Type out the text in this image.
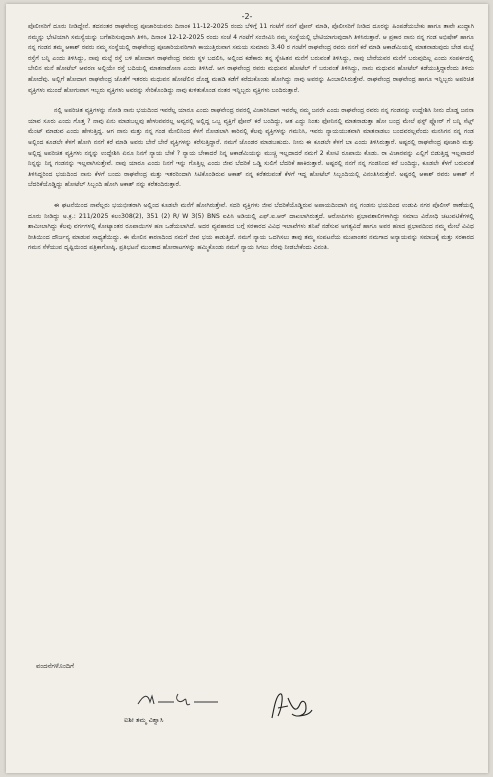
-2-

ಪೊಲೀಸರಿಗೆ ದೂರು ನೀಡಿದ್ದೇನೆ. ತದನಂತರ ರಾಘವೇಂದ್ರ ಪೂಜಾರಿಯವರು ದಿನಾಂಕ 11-12-2025 ರಂದು ಬೆಳಿಗ್ಗೆ 11 ಗಂಟೆಗೆ ನನಗೆ ಫೋನ್ ಮಾಡಿ, ಪೊಲೀಸರಿಗೆ ನೀಡಿದ ದೂರನ್ನು ಹಿಂಪಡೆಯಬೇಕು ಹಾಗೂ ತಾವೇ ಖುದ್ದಾಗಿ ನಮ್ಮನ್ನು ಭೇಟಿಯಾಗಿ ಸಮಸ್ಯೆಯನ್ನು ಬಗೆಹರಿಸುವುದಾಗಿ ತಿಳಿಸಿ, ದಿನಾಂಕ 12-12-2025 ರಂದು ಸಂಜೆ 4 ಗಂಟೆಗೆ ಸಂಜೀವಿನಿ ನಮ್ಮ ಸಂಸ್ಥೆಯಲ್ಲಿ ಭೇಟಿಯಾಗುವುದಾಗಿ ತಿಳಿಸಿರುತ್ತಾರೆ. ಆ ಪ್ರಕಾರ ನಾನು ನನ್ನ ಗಂಡ ಅಭಿಷೇಕ್ ಹಾಗೂ ನನ್ನ ಗಂಡನ ತಮ್ಮ ಆಕಾಶ್ ರವರು ನಮ್ಮ ಸಂಸ್ಥೆಯಲ್ಲಿ ರಾಘವೇಂದ್ರ ಪೂಜಾರಿಯವರಿಗಾಗಿ ಕಾಯುತ್ತಿರುವಾಗ ಸಮಯ ಸುಮಾರು 3.40 ರ ಗಂಟೆಗೆ ರಾಘವೇಂದ್ರ ರವರು ನನಗೆ ಕರೆ ಮಾಡಿ ಆಕಾಡೆಮಿಯಲ್ಲಿ ಮಾತನಾಡುವುದು ಬೇಡ ಮಲ್ಪೆ ರಸ್ತೆಗೆ ಬನ್ನಿ ಎಂದು ತಿಳಿಸಿದ್ದು, ನಾವು ಮಲ್ಪೆ ರಸ್ತೆ ಬಳಿ ಹೋದಾಗ ರಾಘವೇಂದ್ರ ರವರು ಸ್ಥಳ ಬದಲಿಸಿ, ಅಲ್ಲಿಂದ ಕಡೆಕಾರು ತನ್ನ ಸ್ನೇಹಿತನ ಮನೆಗೆ ಬರುವಂತೆ ತಿಳಿಸಿದ್ದು, ನಾವು ಬೇರೆಯವರ ಮನೆಗೆ ಬರುವುದಿಲ್ಲ ಎಂದು ಸಂಪರ್ಕದಲ್ಲಿ ಬೇಲಿನ ಮನೆ ಹೋಟೆಲ್ ಆವರಣ ಅಲ್ಲಿಯೇ ರಸ್ತೆ ಬದಿಯಲ್ಲಿ ಮಾತನಾಡೋಣ ಎಂದು ತಿಳಿಸಿದೆ. ಆಗ ರಾಘವೇಂದ್ರ ರವರು ಮಧುವನ ಹೋಟೆಲ್ ಗೆ ಬರುವಂತೆ ತಿಳಿಸಿದ್ದು, ನಾನು ಮಧುವನ ಹೋಟೆಲ್ ಕಡೆಯುತ್ತಿದ್ದಾರೆಂದು ತಿಳಿದು ಹೋದೆವು. ಅಲ್ಲಿಗೆ ಹೋದಾಗ ರಾಘವೇಂದ್ರ ಜೊತೆಗೆ ಇತರರು ಮಧುವನ ಹೋಟೆಲಿನ ದೊಡ್ಡ ಮಹಡಿ ಕಡೆಗೆ ಕರೆದುಕೊಂಡು ಹೋಗಿದ್ದು ನಾವು ಅವರನ್ನು ಹಿಂಬಾಲಿಸಿರುತ್ತೇವೆ. ರಾಘವೇಂದ್ರ ರಾಘವೇಂದ್ರ ಹಾಗೂ ಇನ್ನಿಬ್ಬರು ಅಪರಿಚಿತ ವ್ಯಕ್ತಿಗಳು ಮುಂದೆ ಹೋಗುವಾಗ ಇಬ್ಬರು ವ್ಯಕ್ತಿಗಳು ಅವರನ್ನು ಸೇರಿಕೊಂಡಿದ್ದು ನಾವು ಕುಳಿತುಕೊಂಡ ನಂತರ ಇನ್ನಿಬ್ಬರು ವ್ಯಕ್ತಿಗಳು ಬಂದಿರುತ್ತಾರೆ.

ನಲ್ಲಿ ಅಪರಿಚಿತ ವ್ಯಕ್ತಿಗಳನ್ನು ನೋಡಿ ನಾನು ಭಯದಿಂದ ಇವರೆಲ್ಲ ಯಾರೂ ಎಂದು ರಾಘವೇಂದ್ರ ರವರಲ್ಲಿ ವಿಚಾರಿಸಿದಾಗ ಇವರೆಲ್ಲ ನಮ್ಮ ಜನರೇ ಎಂದು ರಾಘವೇಂದ್ರ ರವರು ನನ್ನ ಗಂಡನನ್ನು ಉದ್ದೇಶಿಸಿ ನೀನು ದೊಡ್ಡ ಜನನಾ ಯಾವ ಸೂರು ಎಂದು ಗೊತ್ತ ? ನಾವು ಏನು ಮಾಡಬಲ್ಲವು ಹೇಳುವವರಲ್ಲ ಅವ್ವರಲ್ಲಿ ಅಲ್ಲಿದ್ದ ಒಬ್ಬ ವ್ಯಕ್ತಿಗೆ ಫೋನ್ ಕರೆ ಬಂದಿದ್ದು, ಆತ ಎದ್ದು ನಿಂತು ಫೋನಿನಲ್ಲಿ ಮಾತನಾಡುತ್ತಾ ಹೋ ಬಂದ್ರ ಮೇಲೆ ಫಸ್ಟ್ ಫ್ಲೋರ್ ಗೆ ಬನ್ನಿ ಸೆಟ್ಲ್ ಮೆಂಟ್ ಮಾಡುವ ಎಂದು ಹೇಳುತ್ತಿದ್ದ. ಆಗ ನಾನು ಮತ್ತು ನನ್ನ ಗಂಡ ಮೇಲಿನಿಂದ ಕೆಳಗೆ ನೋಡಲಾಗಿ ಕಾರಿನಲ್ಲಿ ಕೆಲವು ವ್ಯಕ್ತಿಗಳನ್ನು ಗಮನಿಸಿ, ಇವರು ನ್ಯಾಯಯುತವಾಗಿ ಮಾತನಾಡಲು ಬಂದವರಲ್ಲವೆಂದು ಮನಸಿಗನ ನನ್ನ ಗಂಡ ಅಲ್ಲಿಂದ ಕೂಡಲೇ ಕೆಳಗೆ ಹೋಗಿ ನನಗೆ ಕರೆ ಮಾಡಿ ಅವರು ಬೇರೆ ಬೇರೆ ವ್ಯಕ್ತಿಗಳನ್ನು ಕರೆಸುತ್ತಿದ್ದಾರೆ. ನಮಗೆ ಜೊಂಡರ ಮಾಡಬಹುದು. ನೀನು ಈ ಕೂಡಲೇ ಕೆಳಗೆ ಬಾ ಎಂದು ತಿಳಿಸಿರುತ್ತಾರೆ. ಅಷ್ಟರಲ್ಲಿ ರಾಘವೇಂದ್ರ ಪೂಜಾರಿ ಮತ್ತು ಅಲ್ಲಿದ್ದ ಅಪರಿಚಿತ ವ್ಯಕ್ತಿಗಳು ನನ್ನನ್ನು ಉದ್ದೇಶಿಸಿ ಏನೂ ನಿನಗೆ ನ್ಯಾಯ ಬೇಕೆ ? ನ್ಯಾಯ ಬೇಕಾದರೆ ನಿನ್ನ ಆಕಾಡೆಮಿಯನ್ನು ಮುಚ್ಚಿ ಇಲ್ಲದಾದರೆ ನಮಗೆ 2 ಕೋಟಿ ರೂಪಾಯಿ ಕೊಡು. ರಾ ವಿಚಾರವನ್ನು ಎಲ್ಲಿಗೆ ಬಿಡುತ್ತಿದ್ದ ಇಲ್ಲವಾದರೆ ನಿನ್ನನ್ನು ನಿನ್ನ ಗಂಡನನ್ನು ಇಲ್ಲವಾಗಿಸುತ್ತೇವೆ. ನಾವು ಯಾರೂ ಎಂದು ನಿನಗೆ ಇನ್ನು ಗೊತ್ತಿಲ್ಲ ಎಂದು ಜೀವ ಬೆದರಿಕೆ ಒಡ್ಡಿ ಸುಲಿಗೆ ಬೆದರಿಕೆ ಹಾಕಿರುತ್ತಾರೆ. ಅಷ್ಟರಲ್ಲಿ ನನಗೆ ನನ್ನ ಗಂಡನಿಂದ ಕರೆ ಬಂದಿದ್ದು, ಕೂಡಲೇ ಕೆಳಗೆ ಬರುವಂತೆ ತಿಳಿಸಿದ್ದರಿಂದ ಭಯದಿಂದ ನಾನು ಕೆಳಗೆ ಬಂದು ರಾಘವೇಂದ್ರ ಮತ್ತು ಇತರರಿಂದಾಗಿ ಸಿಟಿಕೊಂಡಿರುವ ಆಕಾಶ್ ನನ್ನ ಕರೆತರುವಂತೆ ಕೆಳಗೆ ಇದ್ದ ಹೋಟೆಲ್ ಸಿಬ್ಬಂದಿಯಲ್ಲಿ ವಿನಂತಿಸಿರುತ್ತೇನೆ. ಅಷ್ಟರಲ್ಲಿ ಆಕಾಶ್ ರವರು ಆಕಾಶ್ ಗೆ ಬೆದರಿಕೆಯೊಡ್ಡಿದ್ದು ಹೋಟೆಲ್ ಸಿಬ್ಬಂದಿ ಹೋಗಿ ಆಕಾಶ್ ನನ್ನು ಕರೆತಂದಿರುತ್ತಾರೆ.

ಈ ಘಟನೆಯಿಂದ ನಾವೆಲ್ಲರು ಭಯಭೀತರಾಗಿ ಅಲ್ಲಿಂದ ಕೂಡಲೇ ಮನೆಗೆ ಹೋಗಿರುತ್ತೇವೆ. ಸದರಿ ವ್ಯಕ್ತಿಗಳು ಜೀವ ಬೆದರಿಕೆಯೊಡ್ಡಿರುವ ಅಪಾಯದಿಂದಾಗಿ ನನ್ನ ಗಂಡನು ಭಯದಿಂದ ಉಡುಪಿ ನಗರ ಪೊಲೀಸ್ ಠಾಣೆಯಲ್ಲಿ ದೂರು ನೀಡಿದ್ದು ಅ.ಕ್ರ.: 211/2025 ಕಲಂ308(2), 351 (2) R/ W 3(5) BNS ಐಪಿಸಿ ಅಡಿಯಲ್ಲಿ ಎಫ್.ಐ.ಆರ್ ದಾಖಲಾಗಿರುತ್ತದೆ. ಆರೋಪಿಗಳು ಪ್ರಭಾವಶಾಲಿಗಳಾಗಿದ್ದು ಸಮಾಜ ವಿರೋಧಿ ಚಟುವಟಿಕೆಗಳಲ್ಲಿ ಶಾಮೀಲಾಗಿದ್ದು ಕೆಲವು ವರ್ಗಗಳಲ್ಲಿ ಕೋಟ್ಯಾಂತರ ರೂಪಾಯಿಗಳ ಹಣ ಒಡೆಯಲಾಗಿದೆ. ಅದರ ವ್ಯವಹಾರದ ಬಗ್ಗೆ ಸರಕಾರದ ವಿವಿಧ ಇಲಾಖೆಗಳು ತನಿಖೆ ನಡೆಸುವ ಅಗತ್ಯವಿದೆ ಹಾಗೂ ಅವರ ಹಣದ ಪ್ರಭಾವದಿಂದ ನಮ್ಮ ಮೇಲೆ ವಿವಿಧ ರೀತಿಯಿಂದ ದೌರ್ಜನ್ಯ ಮಾಡುವ ಸಾಧ್ಯತೆಯಿದ್ದು. ಈ ಮೇಲಿನ ಕಾರಣದಿಂದ ನಮಗೆ ಜೀವ ಭಯ ಕಾಡುತ್ತಿದೆ. ನಮಗೆ ನ್ಯಾಯ ಒದಗಿಸಲು ತಾವು ತಮ್ಮ ಸಂಪಟನೆಯ ಮುಖಾಂತರ ನಮಗಾದ ಅನ್ಯಾಯವನ್ನು ಸಮಾಜಕ್ಕೆ ಮತ್ತು ಸರಕಾರದ ಗಮನ ಸೆಳೆಯುವ ದೃಷ್ಟಿಯಿಂದ ಪತ್ರಿಕಾಗೋಷ್ಠಿ, ಪ್ರತಿಭಟನೆ ಮುಂತಾದ ಹೋರಾಟಗಳನ್ನು ಹಮ್ಮಿಕೊಂಡು ನಮಗೆ ನ್ಯಾಯ ಸಿಗಲು ನೆರವು ನೀಡಬೇಕೆಂದು ವಿನಂತಿ.

ವಂದನೆಗಳೊಂದಿಗೆ
ಐಶೀ ತಮ್ಮ ವಿಶ್ವಾಸಿ
